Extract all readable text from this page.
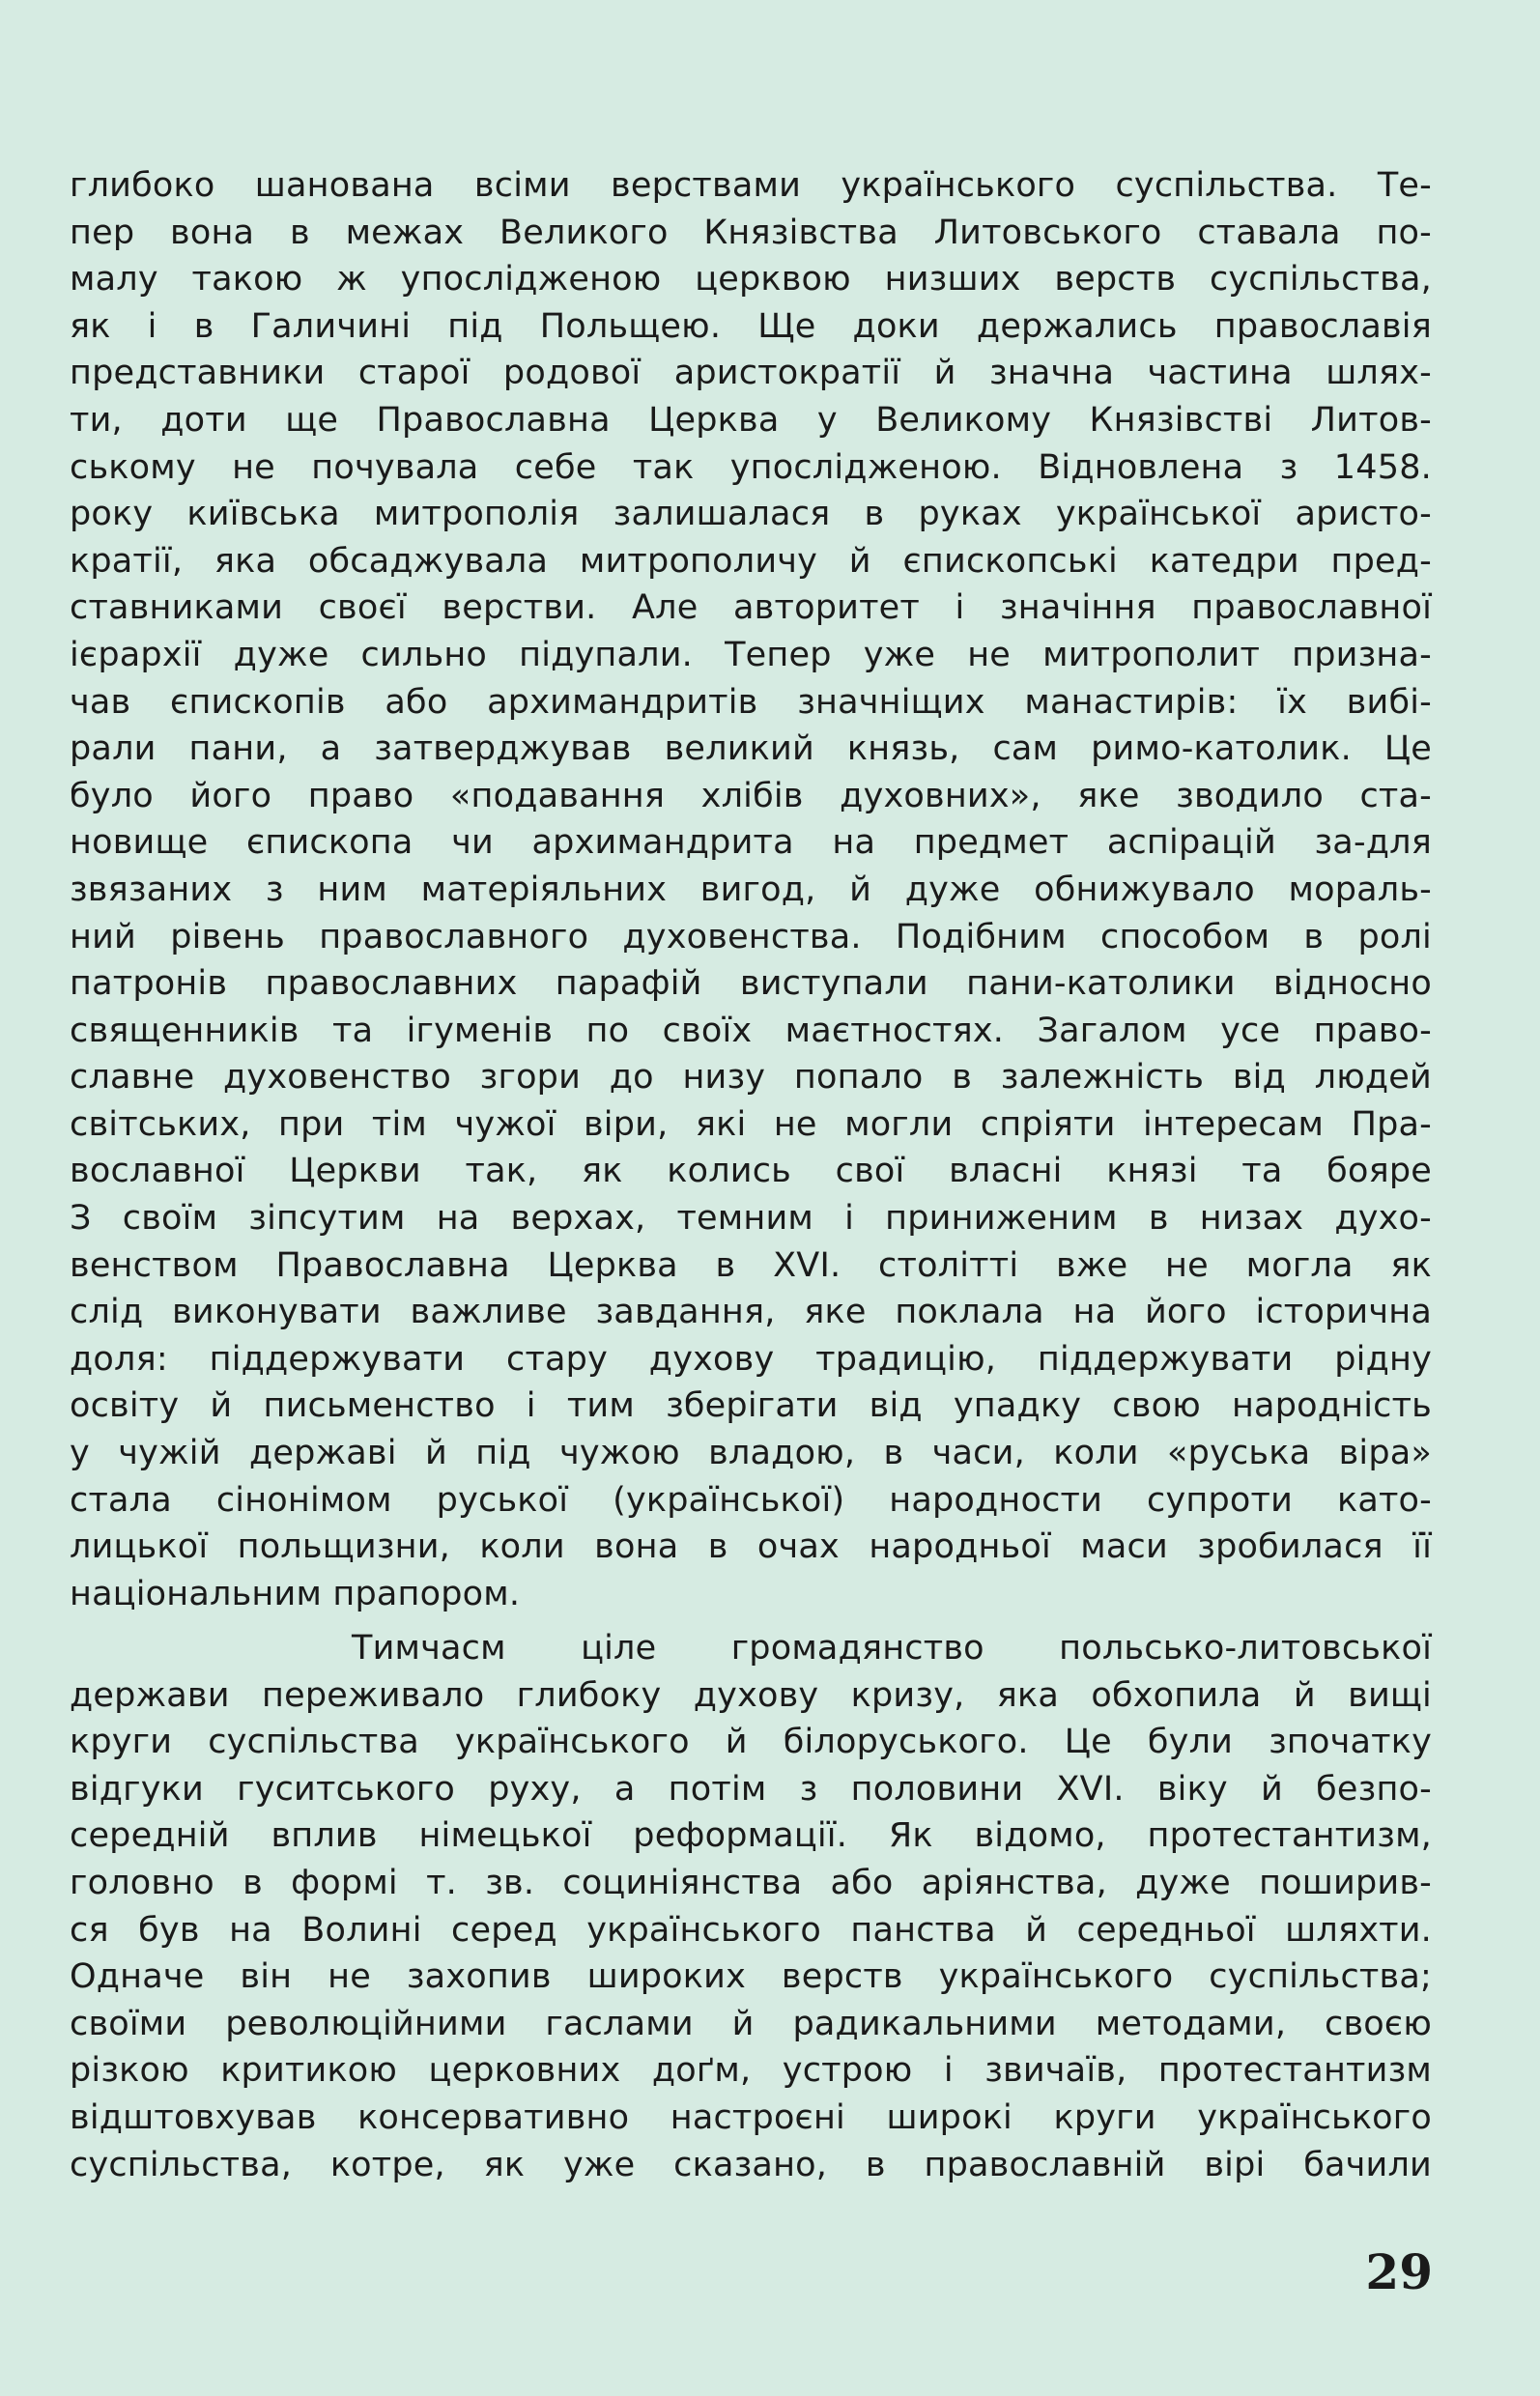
глибоко шанована всіми верствами українського суспільства. Те-
пер вона в межах Великого Князівства Литовського ставала по-
малу такою ж упослідженою церквою низших верств суспільства,
як і в Галичині під Польщею. Ще доки держались православія
представники старої родової аристократії й значна частина шлях-
ти, доти ще Православна Церква у Великому Князівстві Литов-
ському не почувала себе так упослідженою. Відновлена з 1458.
року київська митрополія залишалася в руках української аристо-
кратії, яка обсаджувала митрополичу й єпископські катедри пред-
ставниками своєї верстви. Але авторитет і значіння православної
ієрархії дуже сильно підупали. Тепер уже не митрополит призна-
чав єпископів або архимандритів значніщих манастирів: їх вибі-
рали пани, а затверджував великий князь, сам римо-католик. Це
було його право «подавання хлібів духовних», яке зводило ста-
новище єпископа чи архимандрита на предмет аспірацій за-для
звязаних з ним матеріяльних вигод, й дуже обнижувало мораль-
ний рівень православного духовенства. Подібним способом в ролі
патронів православних парафій виступали пани-католики відносно
священників та ігуменів по своїх маєтностях. Загалом усе право-
славне духовенство згори до низу попало в залежність від людей
світських, при тім чужої віри, які не могли спріяти інтересам Пра-
вославної Церкви так, як колись свої власні князі та бояре
З своїм зіпсутим на верхах, темним і приниженим в низах духо-
венством Православна Церква в XVI. столітті вже не могла як
слід виконувати важливе завдання, яке поклала на його історична
доля: піддержувати стару духову традицію, піддержувати рідну
освіту й письменство і тим зберігати від упадку свою народність
у чужій державі й під чужою владою, в часи, коли «руська віра»
стала сінонімом руської (української) народности супроти като-
лицької польщизни, коли вона в очах народньої маси зробилася її
національним прапором.
Тимчасм ціле громадянство польсько-литовської
держави переживало глибоку духову кризу, яка обхопила й вищі
круги суспільства українського й білоруського. Це були зпочатку
відгуки гуситського руху, а потім з половини XVI. віку й безпо-
середній вплив німецької реформації. Як відомо, протестантизм,
головно в формі т. зв. социніянства або аріянства, дуже поширив-
ся був на Волині серед українського панства й середньої шляхти.
Одначе він не захопив широких верств українського суспільства;
своїми революційними гаслами й радикальними методами, своєю
різкою критикою церковних доґм, устрою і звичаїв, протестантизм
відштовхував консервативно настроєні широкі круги українського
суспільства, котре, як уже сказано, в православній вірі бачили
29
